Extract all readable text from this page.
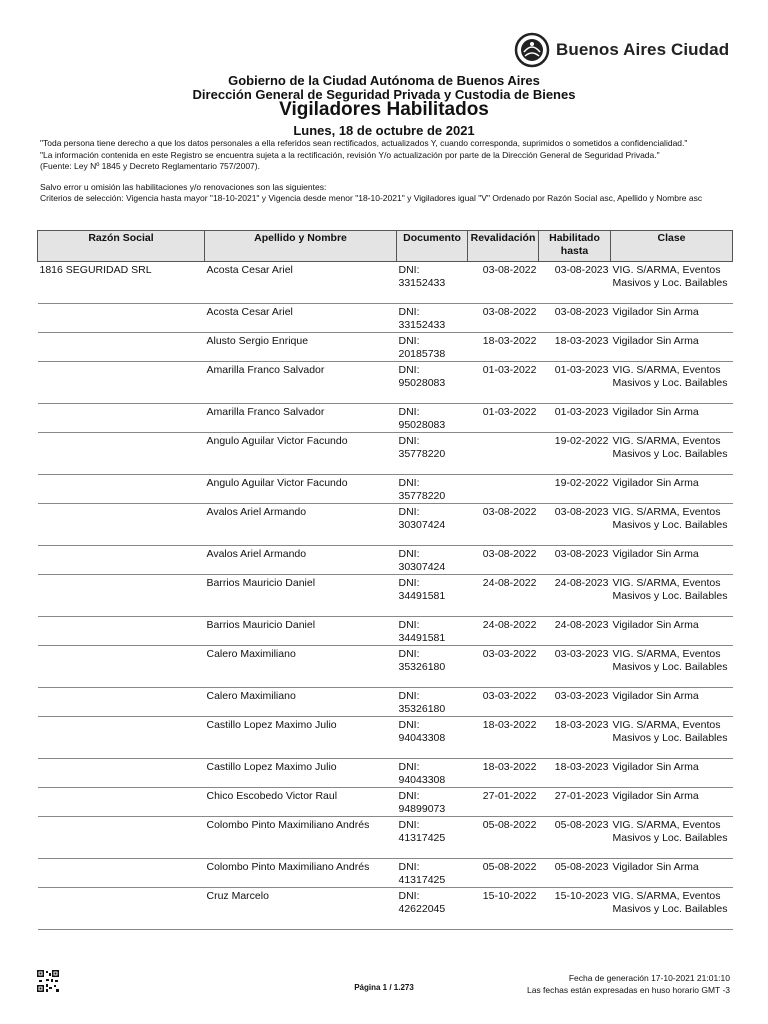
Buenos Aires Ciudad
Gobierno de la Ciudad Autónoma de Buenos Aires
Dirección General de Seguridad Privada y Custodia de Bienes
Vigiladores Habilitados
Lunes, 18 de octubre de 2021

"Toda persona tiene derecho a que los datos personales a ella referidos sean rectificados, actualizados Y, cuando corresponda, suprimidos o sometidos a confidencialidad."

"La información contenida en este Registro se encuentra sujeta a la rectificación, revisión Y/o actualización por parte de la Dirección General de Seguridad Privada."

(Fuente: Ley Nº 1845 y Decreto Reglamentario 757/2007).

Salvo error u omisión las habilitaciones y/o renovaciones son las siguientes:

Criterios de selección: Vigencia hasta mayor "18-10-2021" y Vigencia desde menor "18-10-2021" y Vigiladores igual "V" Ordenado por Razón Social asc, Apellido y Nombre asc

Razón Social	Apellido y Nombre	Documento	Revalidación	Habilitado hasta	Clase
1816 SEGURIDAD SRL	Acosta Cesar Ariel	DNI: 33152433	03-08-2022	03-08-2023	VIG. S/ARMA, Eventos Masivos y Loc. Bailables
	Acosta Cesar Ariel	DNI: 33152433	03-08-2022	03-08-2023	Vigilador Sin Arma
	Alusto Sergio Enrique	DNI: 20185738	18-03-2022	18-03-2023	Vigilador Sin Arma
	Amarilla Franco Salvador	DNI: 95028083	01-03-2022	01-03-2023	VIG. S/ARMA, Eventos Masivos y Loc. Bailables
	Amarilla Franco Salvador	DNI: 95028083	01-03-2022	01-03-2023	Vigilador Sin Arma
	Angulo Aguilar Victor Facundo	DNI: 35778220		19-02-2022	VIG. S/ARMA, Eventos Masivos y Loc. Bailables
	Angulo Aguilar Victor Facundo	DNI: 35778220		19-02-2022	Vigilador Sin Arma
	Avalos Ariel Armando	DNI: 30307424	03-08-2022	03-08-2023	VIG. S/ARMA, Eventos Masivos y Loc. Bailables
	Avalos Ariel Armando	DNI: 30307424	03-08-2022	03-08-2023	Vigilador Sin Arma
	Barrios Mauricio Daniel	DNI: 34491581	24-08-2022	24-08-2023	VIG. S/ARMA, Eventos Masivos y Loc. Bailables
	Barrios Mauricio Daniel	DNI: 34491581	24-08-2022	24-08-2023	Vigilador Sin Arma
	Calero Maximiliano	DNI: 35326180	03-03-2022	03-03-2023	VIG. S/ARMA, Eventos Masivos y Loc. Bailables
	Calero Maximiliano	DNI: 35326180	03-03-2022	03-03-2023	Vigilador Sin Arma
	Castillo Lopez Maximo Julio	DNI: 94043308	18-03-2022	18-03-2023	VIG. S/ARMA, Eventos Masivos y Loc. Bailables
	Castillo Lopez Maximo Julio	DNI: 94043308	18-03-2022	18-03-2023	Vigilador Sin Arma
	Chico Escobedo Victor Raul	DNI: 94899073	27-01-2022	27-01-2023	Vigilador Sin Arma
	Colombo Pinto Maximiliano Andrés	DNI: 41317425	05-08-2022	05-08-2023	VIG. S/ARMA, Eventos Masivos y Loc. Bailables
	Colombo Pinto Maximiliano Andrés	DNI: 41317425	05-08-2022	05-08-2023	Vigilador Sin Arma
	Cruz Marcelo	DNI: 42622045	15-10-2022	15-10-2023	VIG. S/ARMA, Eventos Masivos y Loc. Bailables
Página 1 / 1.273
Fecha de generación 17-10-2021 21:01:10
Las fechas están expresadas en huso horario GMT -3
